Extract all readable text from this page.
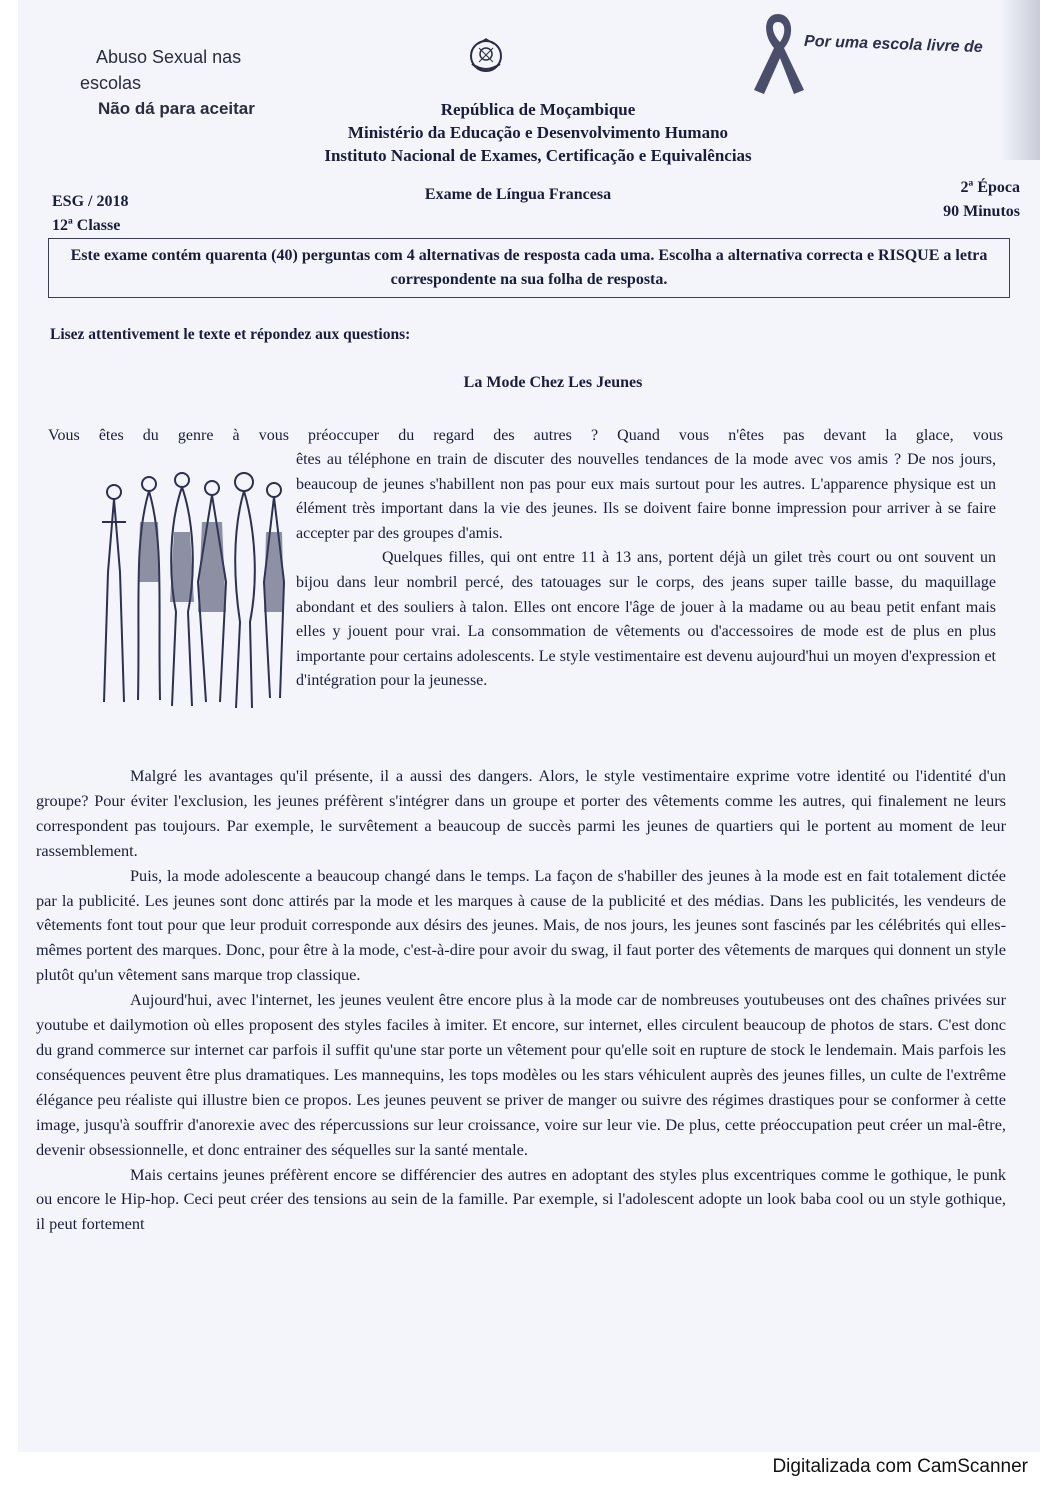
Abuso Sexual nas
escolas
Não dá para aceitar
Por uma escola livre de
República de Moçambique
Ministério da Educação e Desenvolvimento Humano
Instituto Nacional de Exames, Certificação e Equivalências
ESG / 2018
12ª Classe
Exame de Língua Francesa	2ª Época
90 Minutos
Este exame contém quarenta (40) perguntas com 4 alternativas de resposta cada uma. Escolha a alternativa correcta e RISQUE a letra correspondente na sua folha de resposta.
Lisez attentivement le texte et répondez aux questions:
La Mode Chez Les Jeunes
Vous êtes du genre à vous préoccuper du regard des autres ? Quand vous n'êtes pas devant la glace, vous

êtes au téléphone en train de discuter des nouvelles tendances de la mode avec vos amis ? De nos jours, beaucoup de jeunes s'habillent non pas pour eux mais surtout pour les autres. L'apparence physique est un élément très important dans la vie des jeunes. Ils se doivent faire bonne impression pour arriver à se faire accepter par des groupes d'amis.

Quelques filles, qui ont entre 11 à 13 ans, portent déjà un gilet très court ou ont souvent un bijou dans leur nombril percé, des tatouages sur le corps, des jeans super taille basse, du maquillage abondant et des souliers à talon. Elles ont encore l'âge de jouer à la madame ou au beau petit enfant mais elles y jouent pour vrai. La consommation de vêtements ou d'accessoires de mode est de plus en plus importante pour certains adolescents. Le style vestimentaire est devenu aujourd'hui un moyen d'expression et d'intégration pour la jeunesse.

Malgré les avantages qu'il présente, il a aussi des dangers. Alors, le style vestimentaire exprime votre identité ou l'identité d'un groupe? Pour éviter l'exclusion, les jeunes préfèrent s'intégrer dans un groupe et porter des vêtements comme les autres, qui finalement ne leurs correspondent pas toujours. Par exemple, le survêtement a beaucoup de succès parmi les jeunes de quartiers qui le portent au moment de leur rassemblement.

Puis, la mode adolescente a beaucoup changé dans le temps. La façon de s'habiller des jeunes à la mode est en fait totalement dictée par la publicité. Les jeunes sont donc attirés par la mode et les marques à cause de la publicité et des médias. Dans les publicités, les vendeurs de vêtements font tout pour que leur produit corresponde aux désirs des jeunes. Mais, de nos jours, les jeunes sont fascinés par les célébrités qui elles-mêmes portent des marques. Donc, pour être à la mode, c'est-à-dire pour avoir du swag, il faut porter des vêtements de marques qui donnent un style plutôt qu'un vêtement sans marque trop classique.

Aujourd'hui, avec l'internet, les jeunes veulent être encore plus à la mode car de nombreuses youtubeuses ont des chaînes privées sur youtube et dailymotion où elles proposent des styles faciles à imiter. Et encore, sur internet, elles circulent beaucoup de photos de stars. C'est donc du grand commerce sur internet car parfois il suffit qu'une star porte un vêtement pour qu'elle soit en rupture de stock le lendemain. Mais parfois les conséquences peuvent être plus dramatiques. Les mannequins, les tops modèles ou les stars véhiculent auprès des jeunes filles, un culte de l'extrême élégance peu réaliste qui illustre bien ce propos. Les jeunes peuvent se priver de manger ou suivre des régimes drastiques pour se conformer à cette image, jusqu'à souffrir d'anorexie avec des répercussions sur leur croissance, voire sur leur vie. De plus, cette préoccupation peut créer un mal-être, devenir obsessionnelle, et donc entrainer des séquelles sur la santé mentale.

Mais certains jeunes préfèrent encore se différencier des autres en adoptant des styles plus excentriques comme le gothique, le punk ou encore le Hip-hop. Ceci peut créer des tensions au sein de la famille. Par exemple, si l'adolescent adopte un look baba cool ou un style gothique, il peut fortement

Digitalizada com CamScanner
